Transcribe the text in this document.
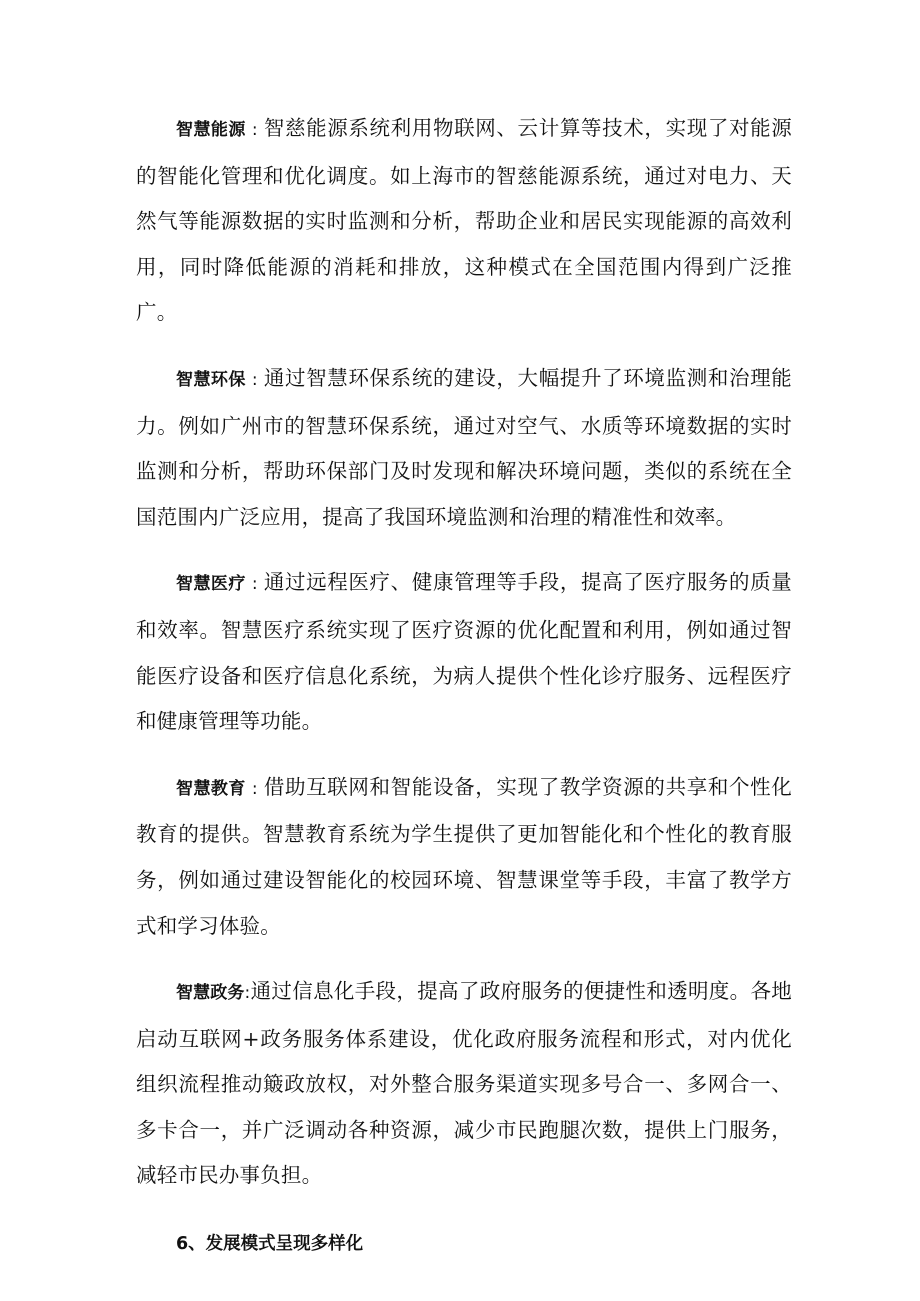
智慧能源 : 智慈能源系统利用物联网、云计算等技术，实现了对能源的智能化管理和优化调度。如上海市的智慈能源系统，通过对电力、天然气等能源数据的实时监测和分析，帮助企业和居民实现能源的高效利用，同时降低能源的消耗和排放，这种模式在全国范围内得到广泛推广。

智慧环保 : 通过智慧环保系统的建设，大幅提升了环境监测和治理能力。例如广州市的智慧环保系统，通过对空气、水质等环境数据的实时监测和分析，帮助环保部门及时发现和解决环境问题，类似的系统在全国范围内广泛应用，提高了我国环境监测和治理的精准性和效率。

智慧医疗 : 通过远程医疗、健康管理等手段，提高了医疗服务的质量和效率。智慧医疗系统实现了医疗资源的优化配置和利用，例如通过智能医疗设备和医疗信息化系统，为病人提供个性化诊疗服务、远程医疗和健康管理等功能。

智慧教育 : 借助互联网和智能设备，实现了教学资源的共享和个性化教育的提供。智慧教育系统为学生提供了更加智能化和个性化的教育服务，例如通过建设智能化的校园环境、智慧课堂等手段，丰富了教学方式和学习体验。

智慧政务:通过信息化手段，提高了政府服务的便捷性和透明度。各地启动互联网+政务服务体系建设，优化政府服务流程和形式，对内优化组织流程推动簸政放权，对外整合服务渠道实现多号合一、多网合一、多卡合一，并广泛调动各种资源，减少市民跑腿次数，提供上门服务，减轻市民办事负担。

6、发展模式呈现多样化
